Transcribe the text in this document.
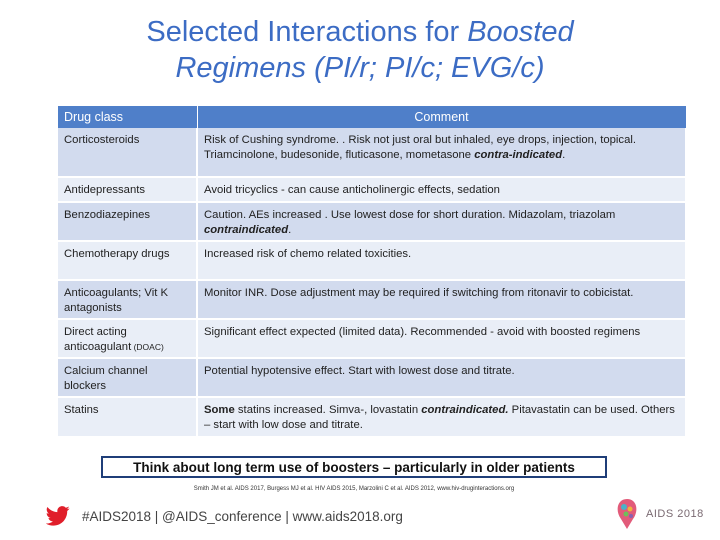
Selected Interactions for Boosted
Regimens (PI/r; PI/c; EVG/c)
Drug class	Comment
Corticosteroids	Risk of Cushing syndrome. . Risk not just oral but inhaled, eye drops, injection, topical. Triamcinolone, budesonide, fluticasone, mometasone contra-indicated.
Antidepressants	Avoid tricyclics - can cause anticholinergic effects, sedation
Benzodiazepines	Caution. AEs increased . Use lowest dose for short duration. Midazolam, triazolam contraindicated.
Chemotherapy drugs	Increased risk of chemo related toxicities.
Anticoagulants; Vit K antagonists	Monitor INR. Dose adjustment may be required if switching from ritonavir to cobicistat.
Direct acting anticoagulant (DOAC)	Significant effect expected (limited data). Recommended - avoid with boosted regimens
Calcium channel blockers	Potential hypotensive effect. Start with lowest dose and titrate.
Statins	Some statins increased. Simva-, lovastatin contraindicated. Pitavastatin can be used. Others – start with low dose and titrate.
Think about long term use of boosters – particularly in older patients
Smith JM et al. AIDS 2017, Burgess MJ et al. HIV AIDS 2015, Marzolini C et al. AIDS 2012, www.hiv-druginteractions.org
#AIDS2018 | @AIDS_conference | www.aids2018.org	AIDS 2018
